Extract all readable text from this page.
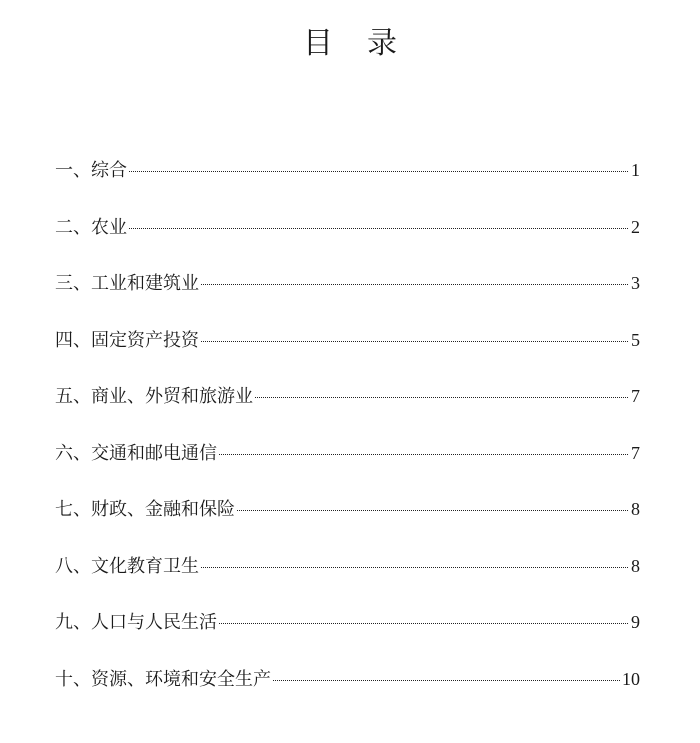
目录
一、 综合	1
二、 农业	2
三、 工业和建筑业	3
四、 固定资产投资	5
五、 商业、外贸和旅游业	7
六、 交通和邮电通信	7
七、 财政、金融和保险	8
八、 文化教育卫生	8
九、 人口与人民生活	9
十、 资源、环境和安全生产	10
